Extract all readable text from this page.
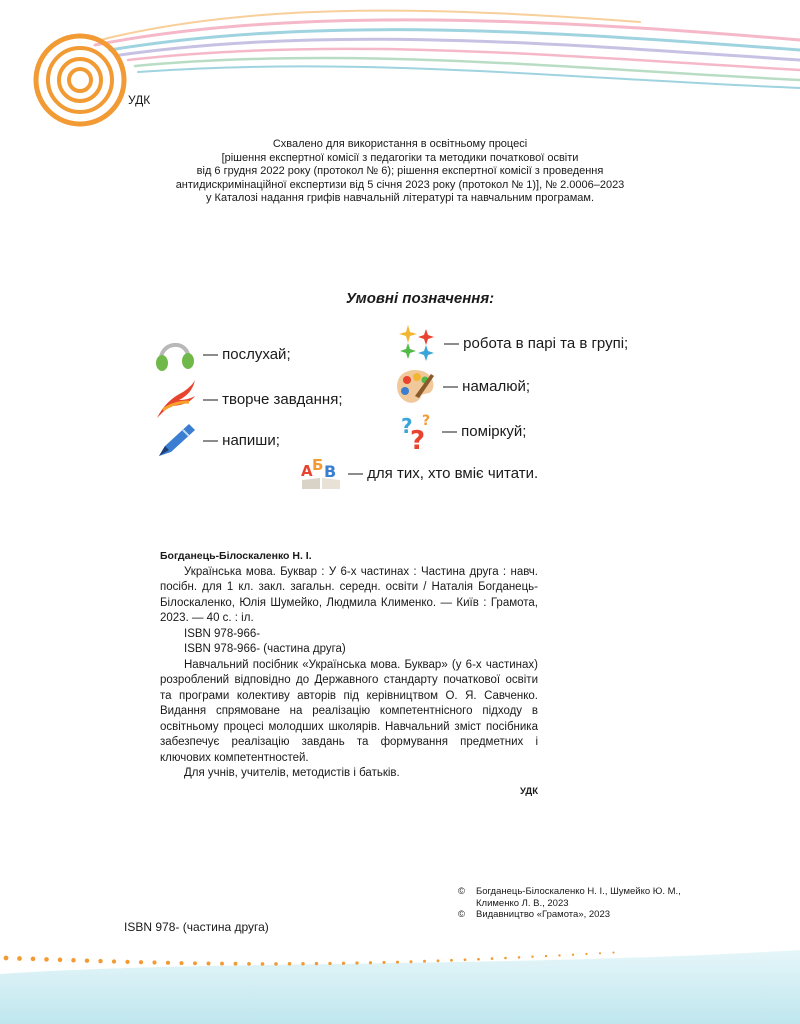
УДК
Схвалено для використання в освітньому процесі
[рішення експертної комісії з педагогіки та методики початкової освіти
від 6 грудня 2022 року (протокол № 6); рішення експертної комісії з проведення
антидискримінаційної експертизи від 5 січня 2023 року (протокол № 1)], № 2.0006–2023
у Каталозі надання грифів навчальній літературі та навчальним програмам.
Умовні позначення:
— послухай;
— творче завдання;
— напиши;
— робота в парі та в групі;
— намалюй;
? ?
? — поміркуй;
А Б В — для тих, хто вміє читати.
Богданець-Білоскаленко Н. І.

Українська мова. Буквар : У 6-х частинах : Частина друга : навч. посібн. для 1 кл. закл. загальн. середн. освіти / Наталія Богданець-Білоскаленко, Юлія Шумейко, Людмила Клименко. — Київ : Грамота, 2023. — 40 с. : іл.

ISBN 978-966-
ISBN 978-966- (частина друга)

Навчальний посібник «Українська мова. Буквар» (у 6-х частинах) розроблений відповідно до Державного стандарту початкової освіти та програми колективу авторів під керівництвом О. Я. Савченко. Видання спрямоване на реалізацію компетентнісного підходу в освітньому процесі молодших школярів. Навчальний зміст посібника забезпечує реалізацію завдань та формування предметних і ключових компетентностей.

Для учнів, учителів, методистів і батьків.

УДК
©	Богданець-Білоскаленко Н. І., Шумейко Ю. М.,
Клименко Л. В., 2023
©	Видавництво «Грамота», 2023
ISBN 978- (частина друга)
